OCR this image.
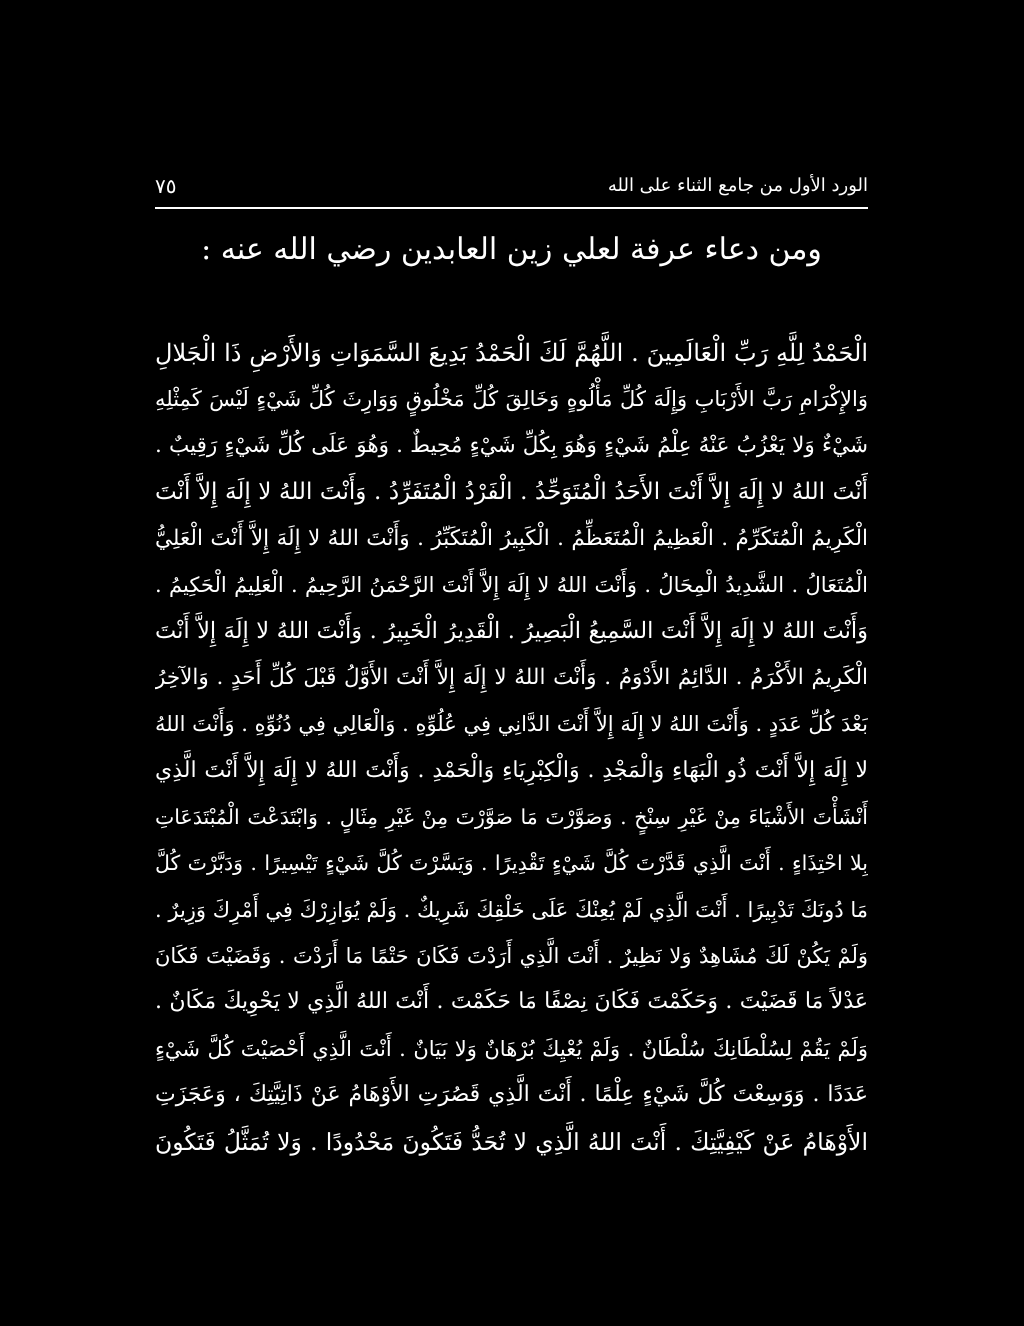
٧٥	الورد الأول من جامع الثناء على الله
ومن دعاء عرفة لعلي زين العابدين رضي الله عنه :
الْحَمْدُ لِلَّهِ رَبِّ الْعَالَمِينَ . اللَّهُمَّ لَكَ الْحَمْدُ بَدِيعَ السَّمَوَاتِ وَالأَرْضِ ذَا الْجَلالِ
وَالإِكْرَامِ رَبَّ الأَرْبَابِ وَإِلَهَ كُلِّ مَأْلُوهٍ وَخَالِقَ كُلِّ مَخْلُوقٍ وَوَارِثَ كُلِّ شَيْءٍ لَيْسَ كَمِثْلِهِ
شَيْءٌ وَلا يَعْزُبُ عَنْهُ عِلْمُ شَيْءٍ وَهُوَ بِكُلِّ شَيْءٍ مُحِيطٌ . وَهُوَ عَلَى كُلِّ شَيْءٍ رَقِيبٌ .
أَنْتَ اللهُ لا إِلَهَ إِلاَّ أَنْتَ الأَحَدُ الْمُتَوَحِّدُ . الْفَرْدُ الْمُتَفَرِّدُ . وَأَنْتَ اللهُ لا إِلَهَ إِلاَّ أَنْتَ
الْكَرِيمُ الْمُتَكَرِّمُ . الْعَظِيمُ الْمُتَعَظِّمُ . الْكَبِيرُ الْمُتَكَبِّرُ . وَأَنْتَ اللهُ لا إِلَهَ إِلاَّ أَنْتَ الْعَلِيُّ
الْمُتَعَالُ . الشَّدِيدُ الْمِحَالُ . وَأَنْتَ اللهُ لا إِلَهَ إِلاَّ أَنْتَ الرَّحْمَنُ الرَّحِيمُ . الْعَلِيمُ الْحَكِيمُ .
وَأَنْتَ اللهُ لا إِلَهَ إِلاَّ أَنْتَ السَّمِيعُ الْبَصِيرُ . الْقَدِيرُ الْخَبِيرُ . وَأَنْتَ اللهُ لا إِلَهَ إِلاَّ أَنْتَ
الْكَرِيمُ الأَكْرَمُ . الدَّائِمُ الأَدْوَمُ . وَأَنْتَ اللهُ لا إِلَهَ إِلاَّ أَنْتَ الأَوَّلُ قَبْلَ كُلِّ أَحَدٍ . وَالآخِرُ
بَعْدَ كُلِّ عَدَدٍ . وَأَنْتَ اللهُ لا إِلَهَ إِلاَّ أَنْتَ الدَّانِي فِي عُلُوِّهِ . وَالْعَالِي فِي دُنُوِّهِ . وَأَنْتَ اللهُ
لا إِلَهَ إِلاَّ أَنْتَ ذُو الْبَهَاءِ وَالْمَجْدِ . وَالْكِبْرِيَاءِ وَالْحَمْدِ . وَأَنْتَ اللهُ لا إِلَهَ إِلاَّ أَنْتَ الَّذِي
أَنْشَأْتَ الأَشْيَاءَ مِنْ غَيْرِ سِنْخٍ . وَصَوَّرْتَ مَا صَوَّرْتَ مِنْ غَيْرِ مِثَالٍ . وَابْتَدَعْتَ الْمُبْتَدَعَاتِ
بِلا احْتِذَاءٍ . أَنْتَ الَّذِي قَدَّرْتَ كُلَّ شَيْءٍ تَقْدِيرًا . وَيَسَّرْتَ كُلَّ شَيْءٍ تَيْسِيرًا . وَدَبَّرْتَ كُلَّ
مَا دُونَكَ تَدْبِيرًا . أَنْتَ الَّذِي لَمْ يُعِنْكَ عَلَى خَلْقِكَ شَرِيكٌ . وَلَمْ يُوَازِرْكَ فِي أَمْرِكَ وَزِيرٌ .
وَلَمْ يَكُنْ لَكَ مُشَاهِدٌ وَلا نَظِيرٌ . أَنْتَ الَّذِي أَرَدْتَ فَكَانَ حَتْمًا مَا أَرَدْتَ . وَقَضَيْتَ فَكَانَ
عَدْلاً مَا قَضَيْتَ . وَحَكَمْتَ فَكَانَ نِصْفًا مَا حَكَمْتَ . أَنْتَ اللهُ الَّذِي لا يَحْوِيكَ مَكَانٌ .
وَلَمْ يَقُمْ لِسُلْطَانِكَ سُلْطَانٌ . وَلَمْ يُعْيِكَ بُرْهَانٌ وَلا بَيَانٌ . أَنْتَ الَّذِي أَحْصَيْتَ كُلَّ شَيْءٍ
عَدَدًا . وَوَسِعْتَ كُلَّ شَيْءٍ عِلْمًا . أَنْتَ الَّذِي قَصُرَتِ الأَوْهَامُ عَنْ ذَاتِيَّتِكَ ، وَعَجَزَتِ
الأَوْهَامُ عَنْ كَيْفِيَّتِكَ . أَنْتَ اللهُ الَّذِي لا تُحَدُّ فَتَكُونَ مَحْدُودًا . وَلا تُمَثَّلُ فَتَكُونَ
